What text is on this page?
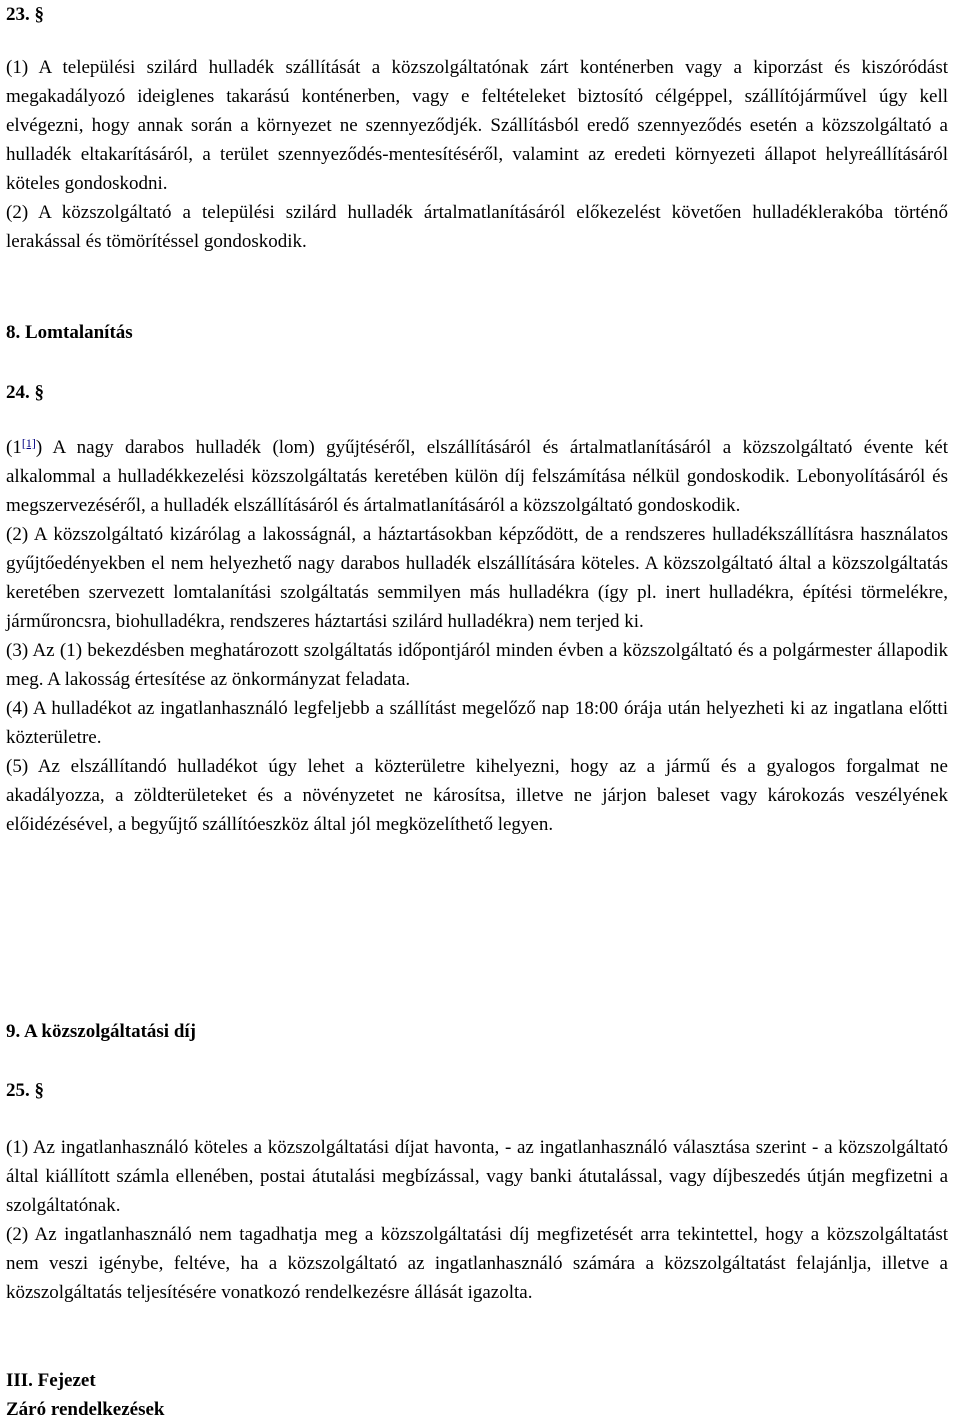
23. §

(1) A települési szilárd hulladék szállítását a közszolgáltatónak zárt konténerben vagy a kiporzást és kiszóródást megakadályozó ideiglenes takarású konténerben, vagy e feltételeket biztosító célgéppel, szállítójárművel úgy kell elvégezni, hogy annak során a környezet ne szennyeződjék. Szállításból eredő szennyeződés esetén a közszolgáltató a hulladék eltakarításáról, a terület szennyeződés-mentesítéséről, valamint az eredeti környezeti állapot helyreállításáról köteles gondoskodni.

(2) A közszolgáltató a települési szilárd hulladék ártalmatlanításáról előkezelést követően hulladéklerakóba történő lerakással és tömörítéssel gondoskodik.

8. Lomtalanítás

24. §

(1[1]) A nagy darabos hulladék (lom) gyűjtéséről, elszállításáról és ártalmatlanításáról a közszolgáltató évente két alkalommal a hulladékkezelési közszolgáltatás keretében külön díj felszámítása nélkül gondoskodik. Lebonyolításáról és megszervezéséről, a hulladék elszállításáról és ártalmatlanításáról a közszolgáltató gondoskodik.

(2) A közszolgáltató kizárólag a lakosságnál, a háztartásokban képződött, de a rendszeres hulladékszállításra használatos gyűjtőedényekben el nem helyezhető nagy darabos hulladék elszállítására köteles. A közszolgáltató által a közszolgáltatás keretében szervezett lomtalanítási szolgáltatás semmilyen más hulladékra (így pl. inert hulladékra, építési törmelékre, járműroncsra, biohulladékra, rendszeres háztartási szilárd hulladékra) nem terjed ki.

(3) Az (1) bekezdésben meghatározott szolgáltatás időpontjáról minden évben a közszolgáltató és a polgármester állapodik meg. A lakosság értesítése az önkormányzat feladata.

(4) A hulladékot az ingatlanhasználó legfeljebb a szállítást megelőző nap 18:00 órája után helyezheti ki az ingatlana előtti közterületre.

(5) Az elszállítandó hulladékot úgy lehet a közterületre kihelyezni, hogy az a jármű és a gyalogos forgalmat ne akadályozza, a zöldterületeket és a növényzetet ne károsítsa, illetve ne járjon baleset vagy károkozás veszélyének előidézésével, a begyűjtő szállítóeszköz által jól megközelíthető legyen.

9. A közszolgáltatási díj

25. §

(1) Az ingatlanhasználó köteles a közszolgáltatási díjat havonta, - az ingatlanhasználó választása szerint - a közszolgáltató által kiállított számla ellenében, postai átutalási megbízással, vagy banki átutalással, vagy díjbeszedés útján megfizetni a szolgáltatónak.

(2) Az ingatlanhasználó nem tagadhatja meg a közszolgáltatási díj megfizetését arra tekintettel, hogy a közszolgáltatást nem veszi igénybe, feltéve, ha a közszolgáltató az ingatlanhasználó számára a közszolgáltatást felajánlja, illetve a közszolgáltatás teljesítésére vonatkozó rendelkezésre állását igazolta.

III. Fejezet

Záró rendelkezések
